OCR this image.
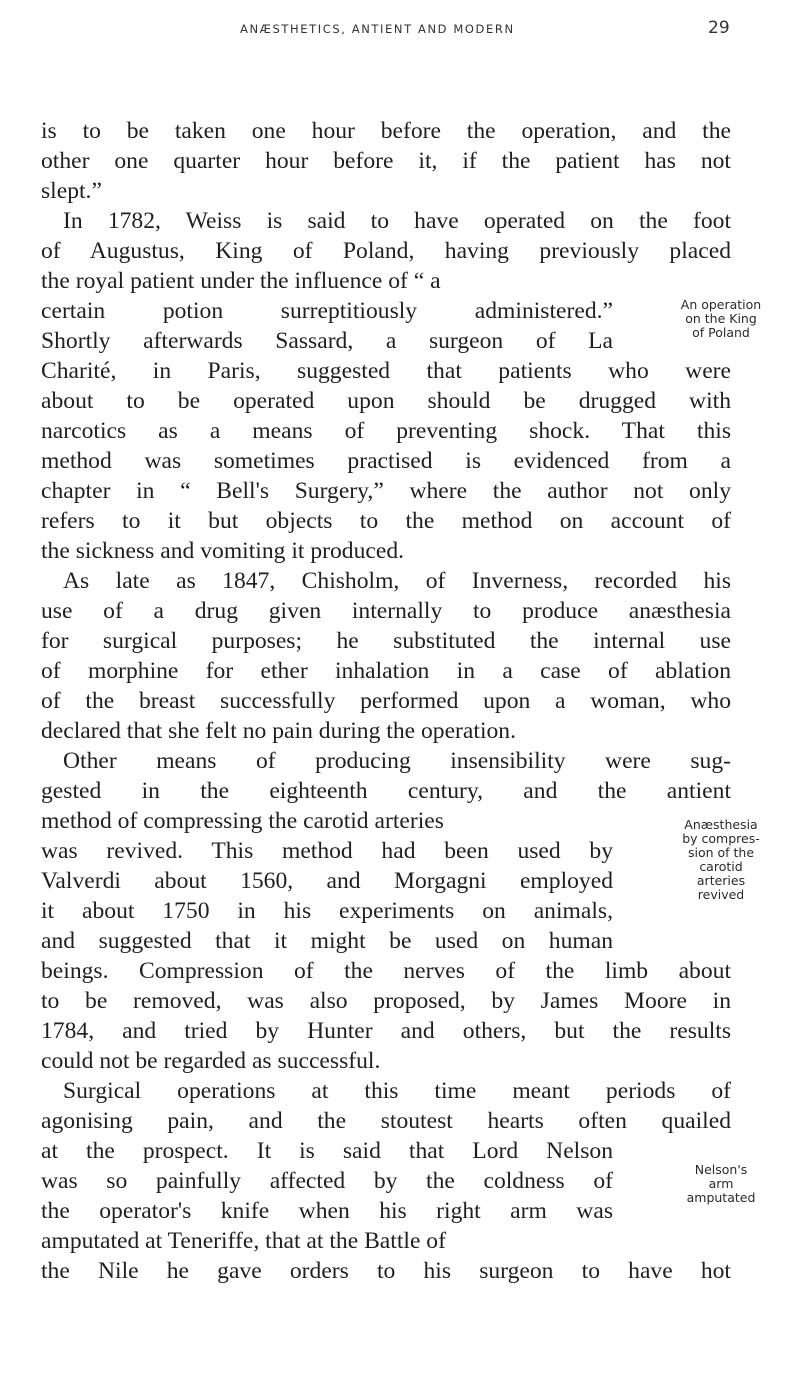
ANÆSTHETICS, ANTIENT AND MODERN	29
is to be taken one hour before the operation, and the
other one quarter hour before it, if the patient has not
slept.”
In 1782, Weiss is said to have operated on the foot
of Augustus, King of Poland, having previously placed
the royal patient under the influence of “ a
certain potion surreptitiously administered.”
Shortly afterwards Sassard, a surgeon of La
Charité, in Paris, suggested that patients who were
about to be operated upon should be drugged with
narcotics as a means of preventing shock. That this
method was sometimes practised is evidenced from a
chapter in “ Bell's Surgery,” where the author not only
refers to it but objects to the method on account of
the sickness and vomiting it produced.
As late as 1847, Chisholm, of Inverness, recorded his
use of a drug given internally to produce anæsthesia
for surgical purposes; he substituted the internal use
of morphine for ether inhalation in a case of ablation
of the breast successfully performed upon a woman, who
declared that she felt no pain during the operation.
Other means of producing insensibility were sug-
gested in the eighteenth century, and the antient
method of compressing the carotid arteries
was revived. This method had been used by
Valverdi about 1560, and Morgagni employed
it about 1750 in his experiments on animals,
and suggested that it might be used on human
beings. Compression of the nerves of the limb about
to be removed, was also proposed, by James Moore in
1784, and tried by Hunter and others, but the results
could not be regarded as successful.
Surgical operations at this time meant periods of
agonising pain, and the stoutest hearts often quailed
at the prospect. It is said that Lord Nelson
was so painfully affected by the coldness of
the operator's knife when his right arm was
amputated at Teneriffe, that at the Battle of
the Nile he gave orders to his surgeon to have hot
An operation
on the King
of Poland
Anæsthesia
by compres-
sion of the
carotid
arteries
revived
Nelson's
arm
amputated
